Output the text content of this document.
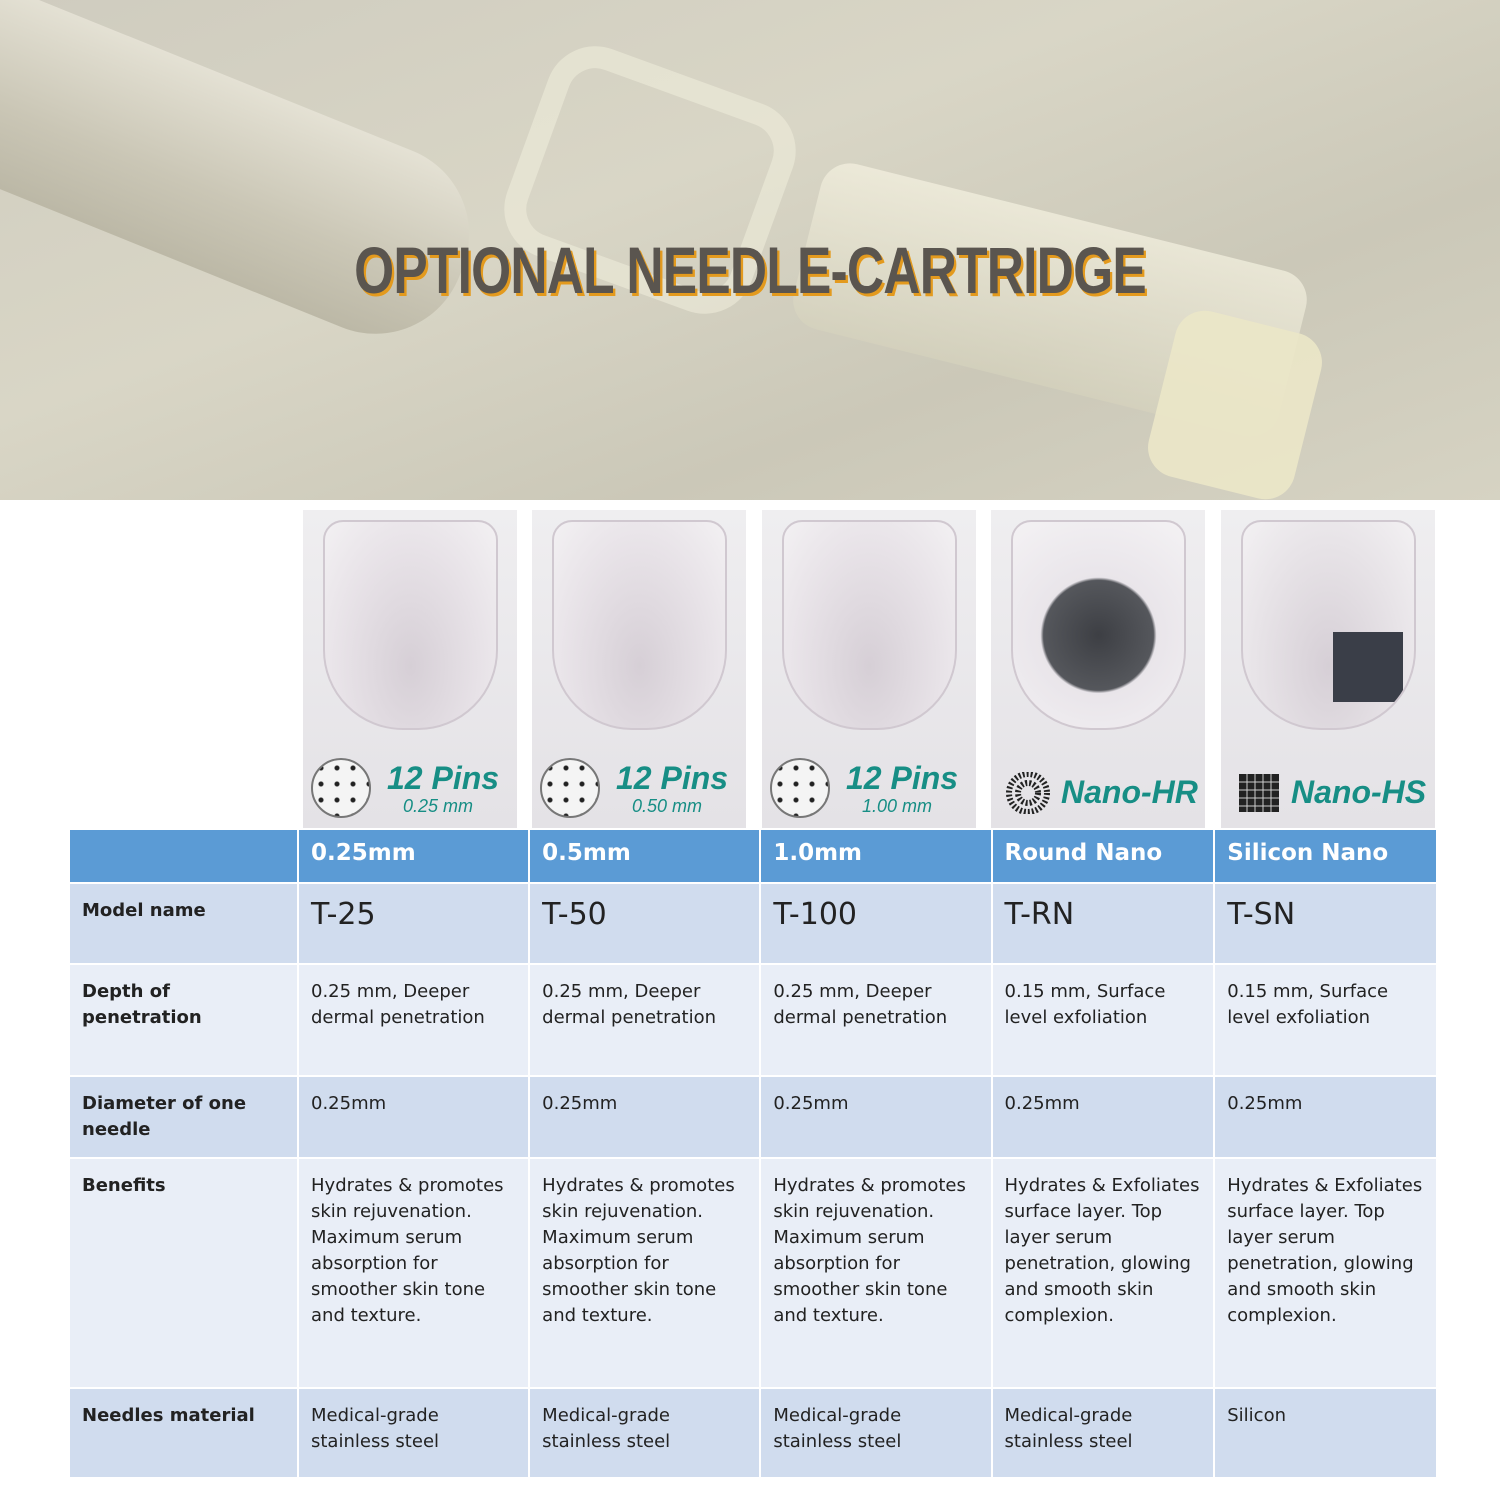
OPTIONAL NEEDLE-CARTRIDGE
12 Pins
0.25 mm
12 Pins
0.50 mm
12 Pins
1.00 mm	Nano-HR	Nano-HS
	0.25mm	0.5mm	1.0mm	Round Nano	Silicon Nano
Model name	T-25	T-50	T-100	T-RN	T-SN
Depth of penetration	0.25 mm, Deeper dermal penetration	0.25 mm, Deeper dermal penetration	0.25 mm, Deeper dermal penetration	0.15 mm, Surface level exfoliation	0.15 mm, Surface level exfoliation
Diameter of one needle	0.25mm	0.25mm	0.25mm	0.25mm	0.25mm
Benefits	Hydrates & promotes skin rejuvenation. Maximum serum absorption for smoother skin tone and texture.	Hydrates & promotes skin rejuvenation. Maximum serum absorption for smoother skin tone and texture.	Hydrates & promotes skin rejuvenation. Maximum serum absorption for smoother skin tone and texture.	Hydrates & Exfoliates surface layer. Top layer serum penetration, glowing and smooth skin complexion.	Hydrates & Exfoliates surface layer. Top layer serum penetration, glowing and smooth skin complexion.
Needles material	Medical-grade stainless steel	Medical-grade stainless steel	Medical-grade stainless steel	Medical-grade stainless steel	Silicon
